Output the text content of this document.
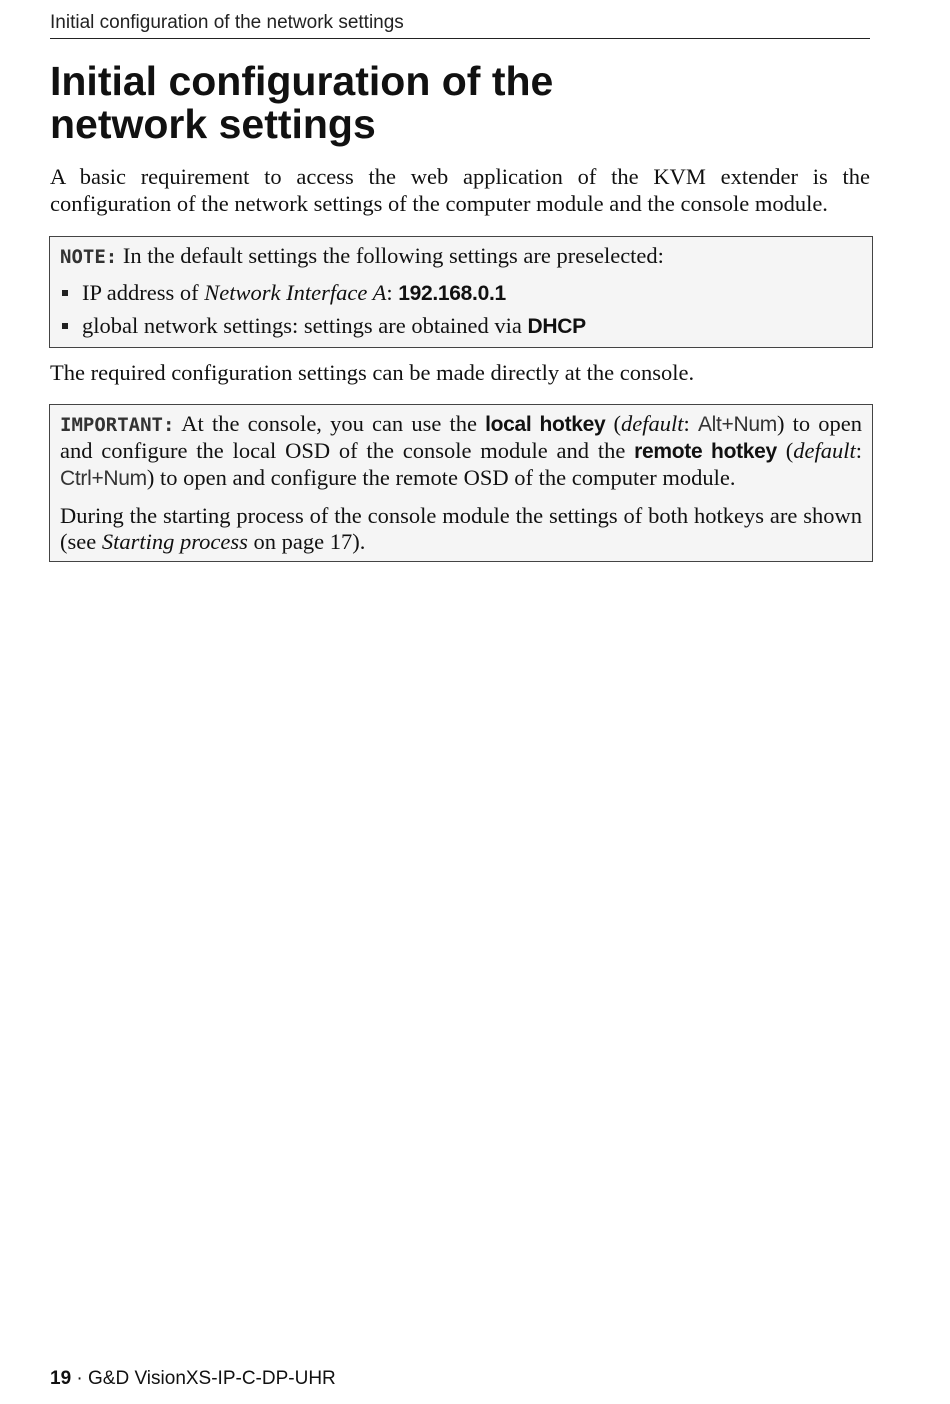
Initial configuration of the network settings
Initial configuration of the
network settings

A basic requirement to access the web application of the KVM extender is the configuration of the network settings of the computer module and the console module.

NOTE: In the default settings the following settings are preselected:

IP address of Network Interface A: 192.168.0.1
global network settings: settings are obtained via DHCP

The required configuration settings can be made directly at the console.

IMPORTANT: At the console, you can use the local hotkey (default: Alt+Num) to open and configure the local OSD of the console module and the remote hotkey (default: Ctrl+Num) to open and configure the remote OSD of the computer module.

During the starting process of the console module the settings of both hotkeys are shown (see Starting process on page 17).

19 · G&D VisionXS-IP-C-DP-UHR
